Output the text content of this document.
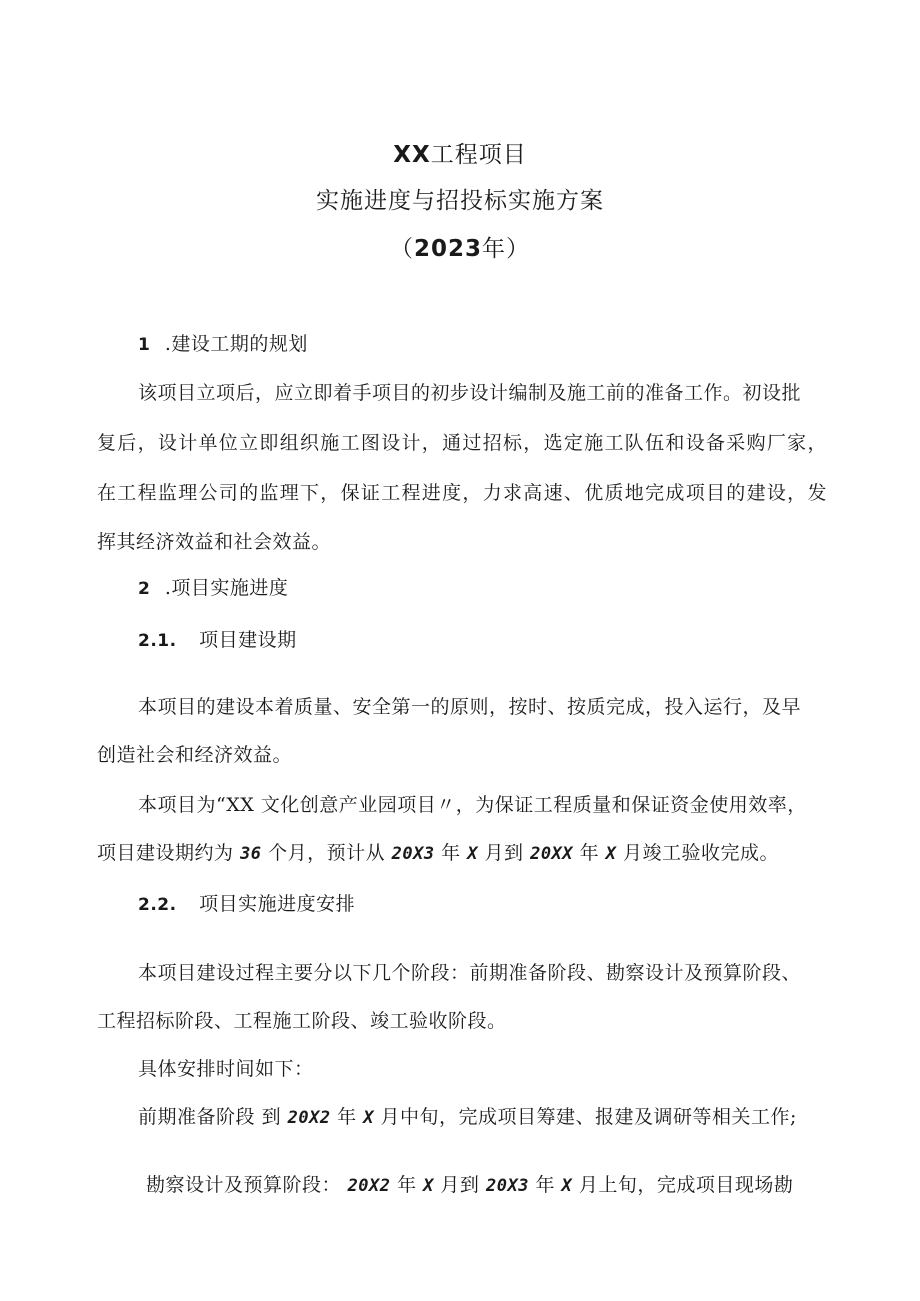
XX工程项目
实施进度与招投标实施方案
（2023年）
1 .建设工期的规划
该项目立项后，应立即着手项目的初步设计编制及施工前的准备工作。初设批
复后，设计单位立即组织施工图设计，通过招标，选定施工队伍和设备采购厂家，
在工程监理公司的监理下，保证工程进度，力求高速、优质地完成项目的建设，发
挥其经济效益和社会效益。
2 .项目实施进度
2.1. 项目建设期
本项目的建设本着质量、安全第一的原则，按时、按质完成，投入运行，及早
创造社会和经济效益。
本项目为“XX 文化创意产业园项目〃，为保证工程质量和保证资金使用效率，
项目建设期约为 36 个月，预计从 20X3 年 X 月到 20XX 年 X 月竣工验收完成。
2.2. 项目实施进度安排
本项目建设过程主要分以下几个阶段：前期准备阶段、勘察设计及预算阶段、
工程招标阶段、工程施工阶段、竣工验收阶段。
具体安排时间如下：
前期准备阶段 到 20X2 年 X 月中旬，完成项目筹建、报建及调研等相关工作;
勘察设计及预算阶段： 20X2 年 X 月到 20X3 年 X 月上旬，完成项目现场勘
